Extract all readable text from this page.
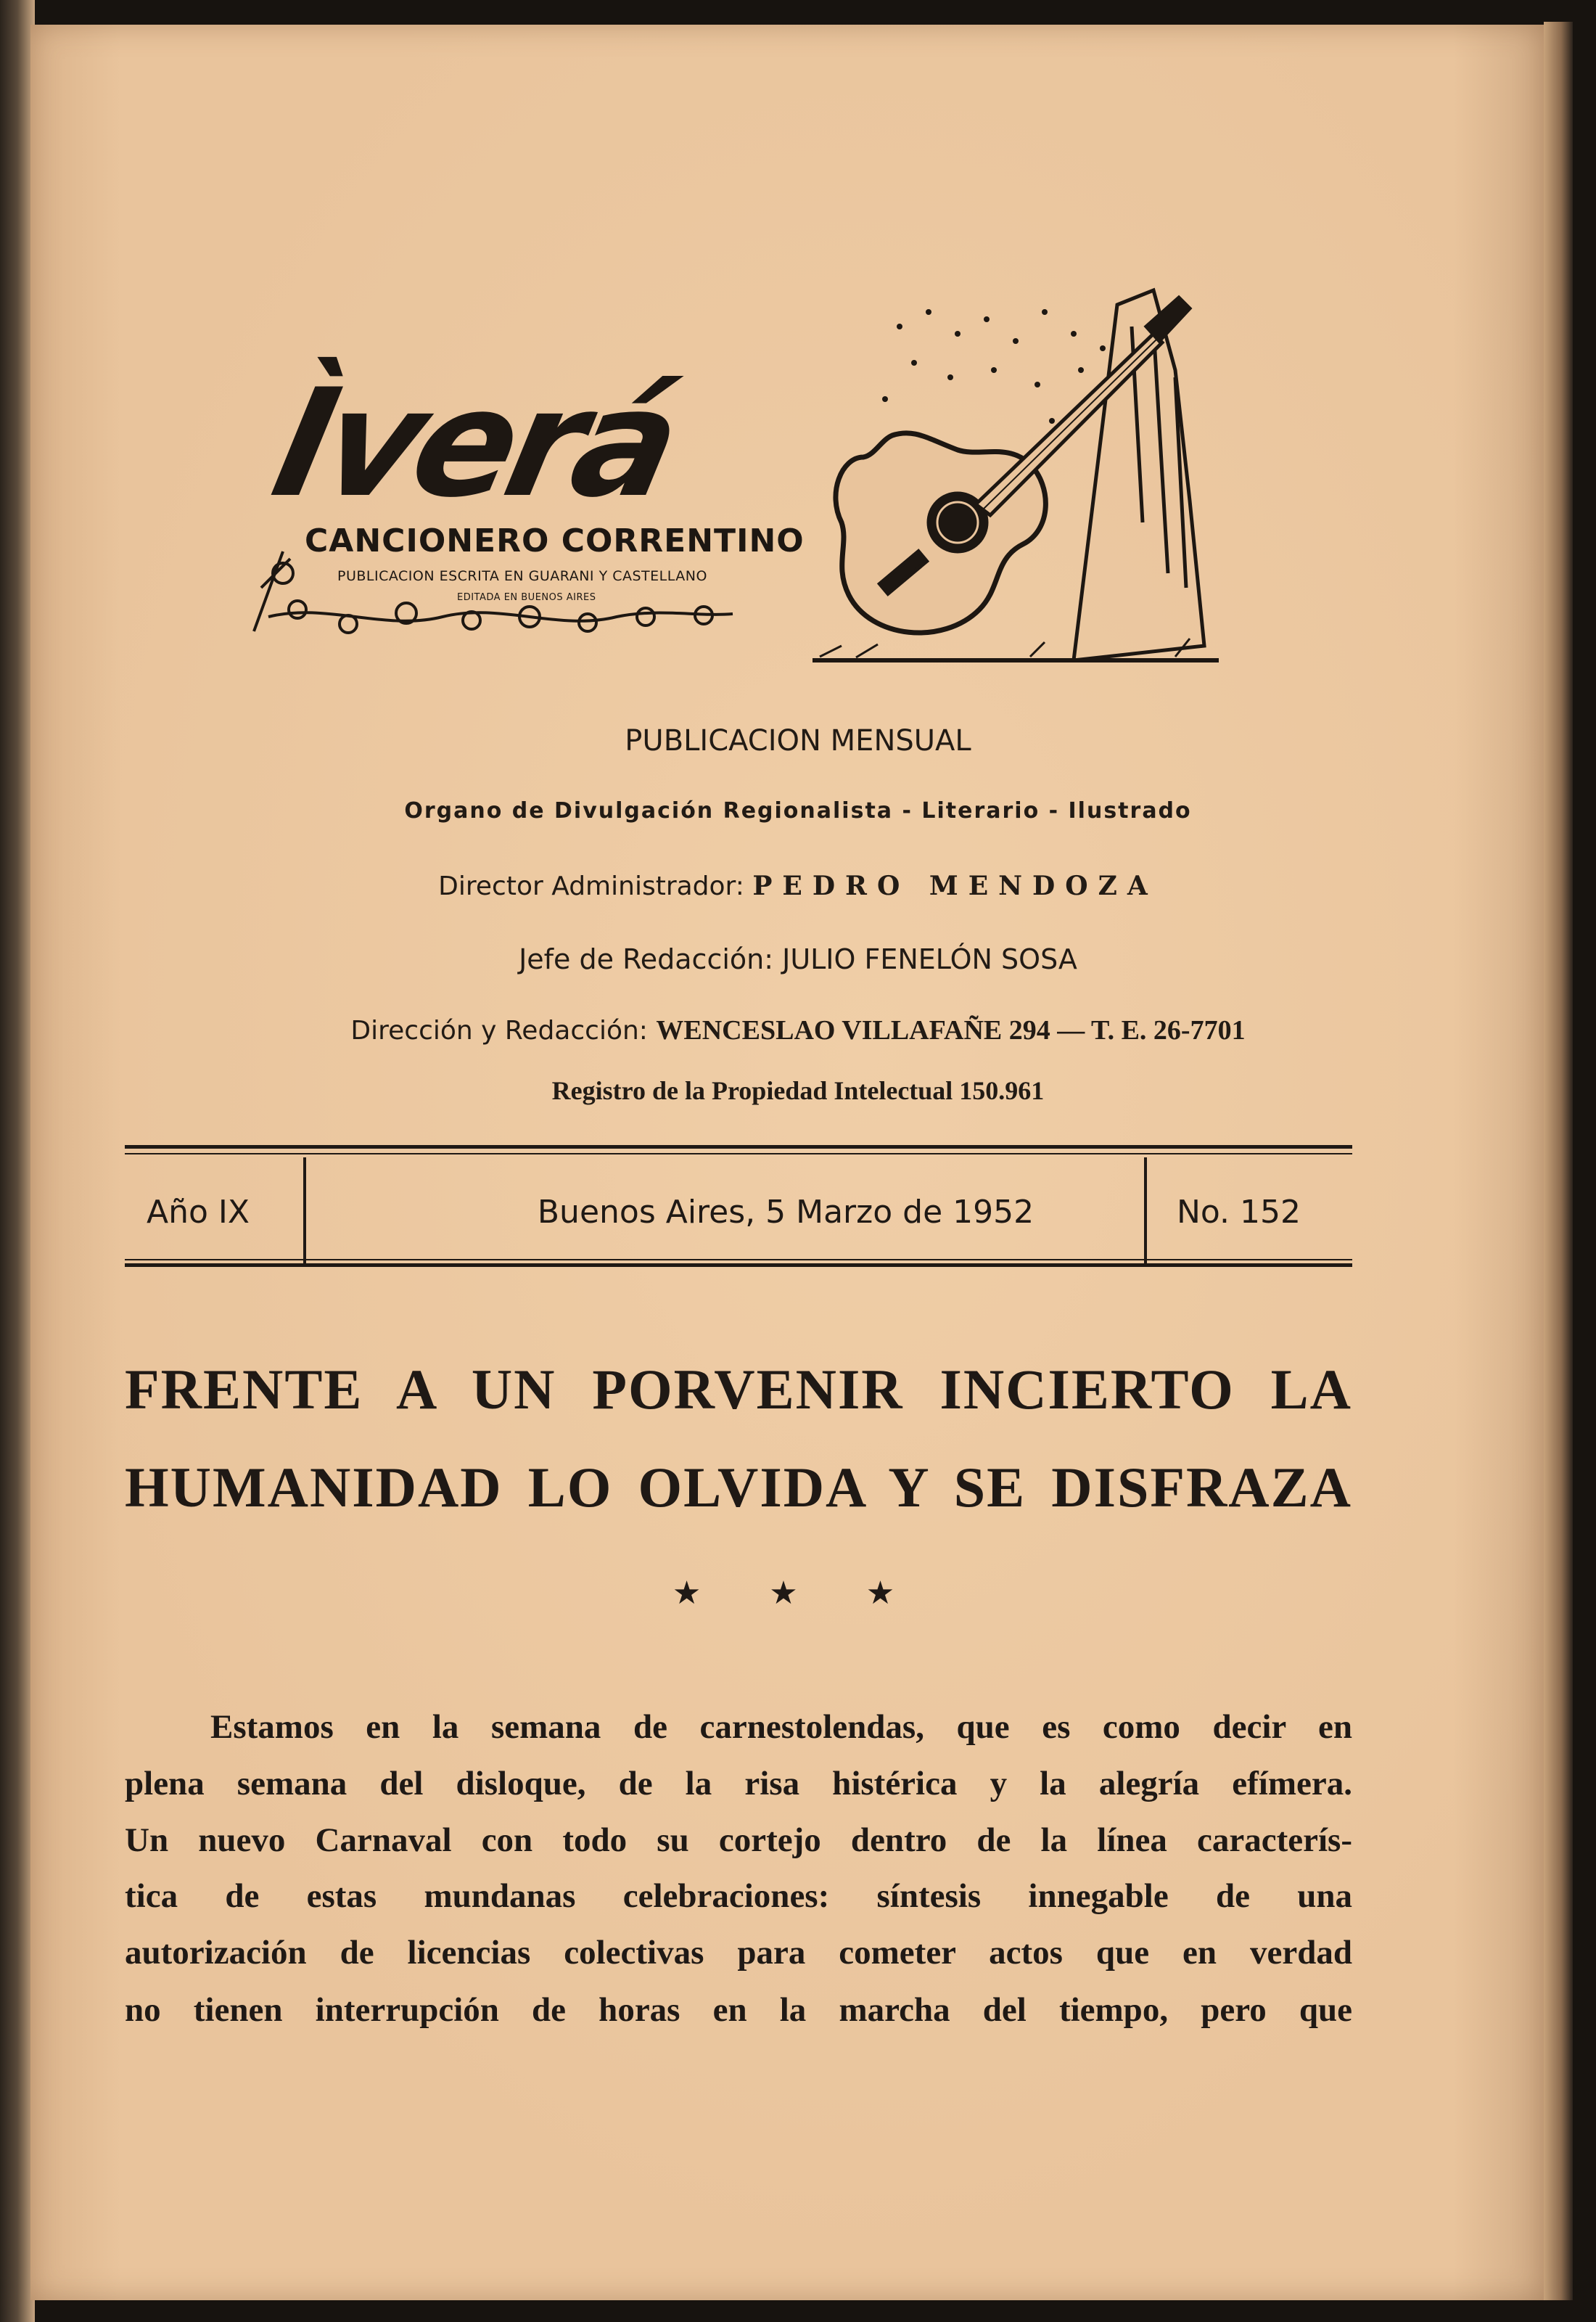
Ìverá
CANCIONERO CORRENTINO
PUBLICACION ESCRITA EN GUARANI Y CASTELLANO
EDITADA EN BUENOS AIRES
PUBLICACION MENSUAL
Organo de Divulgación Regionalista - Literario - Ilustrado
Director Administrador: PEDRO MENDOZA
Jefe de Redacción: JULIO FENELÓN SOSA
Dirección y Redacción: WENCESLAO VILLAFAÑE 294 — T. E. 26-7701
Registro de la Propiedad Intelectual 150.961
Año IX	Buenos Aires, 5 Marzo de 1952	No. 152
FRENTE A UN PORVENIR INCIERTO LA
HUMANIDAD LO OLVIDA Y SE DISFRAZA
★ ★ ★
Estamos en la semana de carnestolendas, que es como decir en
plena semana del disloque, de la risa histérica y la alegría efímera.
Un nuevo Carnaval con todo su cortejo dentro de la línea caracterís-
tica de estas mundanas celebraciones: síntesis innegable de una
autorización de licencias colectivas para cometer actos que en verdad
no tienen interrupción de horas en la marcha del tiempo, pero que
